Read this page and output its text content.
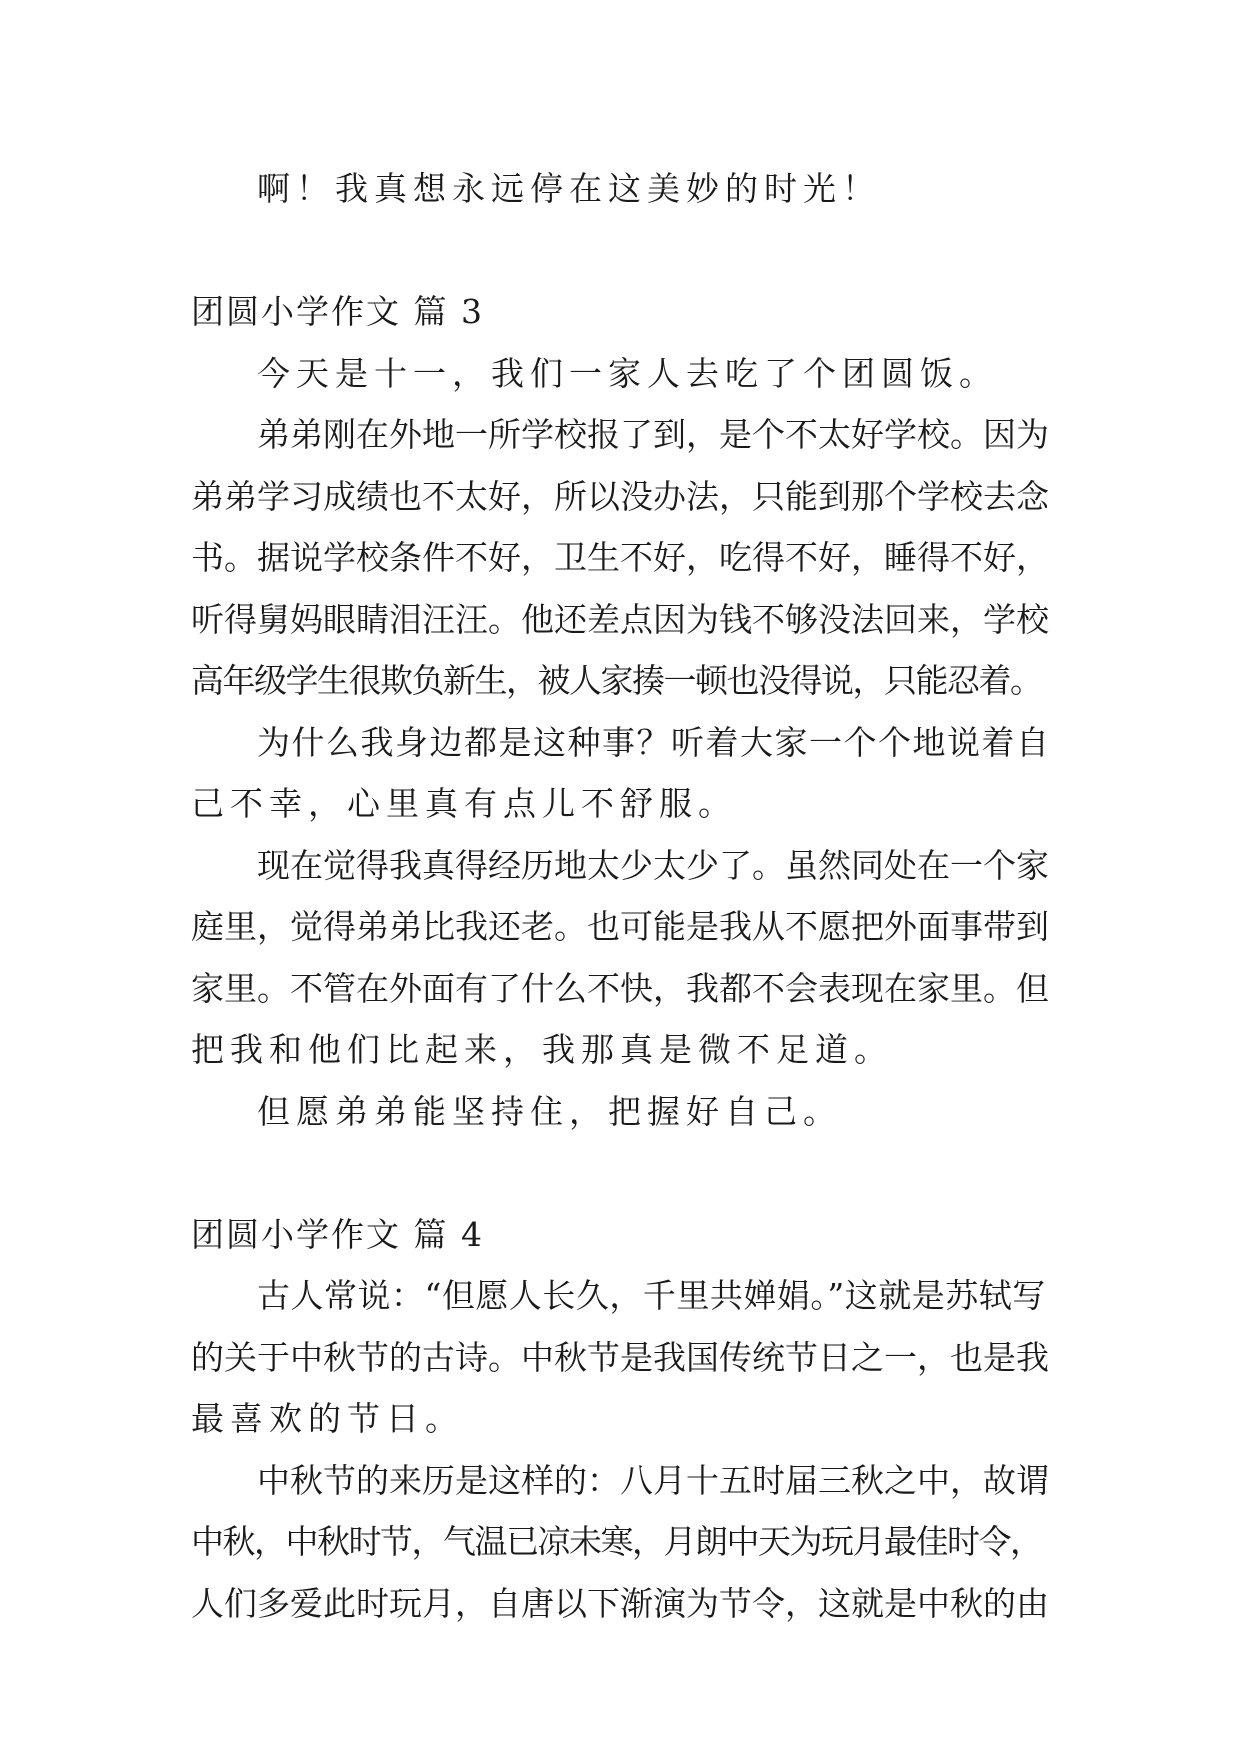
啊！我真想永远停在这美妙的时光！
团圆小学作文 篇 3
今天是十一，我们一家人去吃了个团圆饭。
弟弟刚在外地一所学校报了到，是个不太好学校。因为
弟弟学习成绩也不太好，所以没办法，只能到那个学校去念
书。据说学校条件不好，卫生不好，吃得不好，睡得不好，
听得舅妈眼睛泪汪汪。他还差点因为钱不够没法回来，学校
高年级学生很欺负新生，被人家揍一顿也没得说，只能忍着。
为什么我身边都是这种事？听着大家一个个地说着自
己不幸，心里真有点儿不舒服。
现在觉得我真得经历地太少太少了。虽然同处在一个家
庭里，觉得弟弟比我还老。也可能是我从不愿把外面事带到
家里。不管在外面有了什么不快，我都不会表现在家里。但
把我和他们比起来，我那真是微不足道。
但愿弟弟能坚持住，把握好自己。
团圆小学作文 篇 4
古人常说：“但愿人长久，千里共婵娟。”这就是苏轼写
的关于中秋节的古诗。中秋节是我国传统节日之一，也是我
最喜欢的节日。
中秋节的来历是这样的：八月十五时届三秋之中，故谓
中秋，中秋时节，气温已凉未寒，月朗中天为玩月最佳时令，
人们多爱此时玩月，自唐以下渐演为节令，这就是中秋的由
